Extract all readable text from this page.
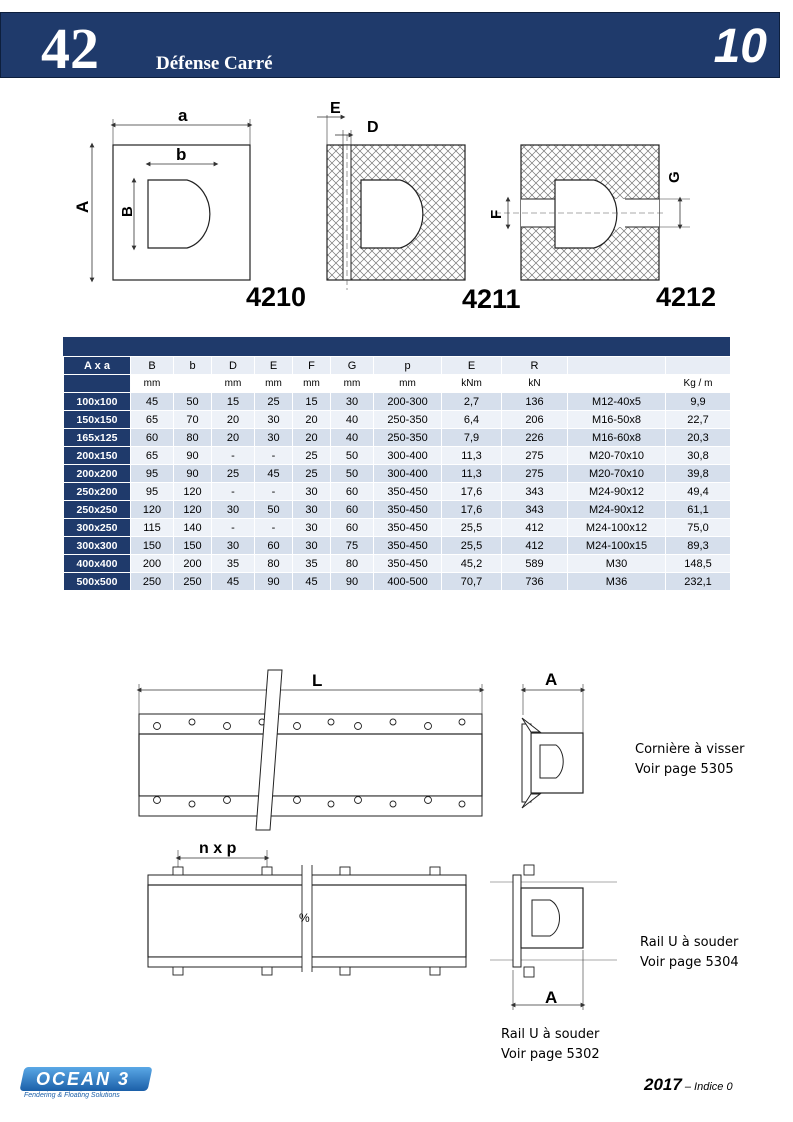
42	Défense Carré	10
a
b
A B
E
D
F
G
4210	4211	4212
A x a	B	b	D	E	F	G	p	E	R		
	mm		mm	mm	mm	mm	mm	kNm	kN		Kg / m
100x100	45	50	15	25	15	30	200-300	2,7	136	M12-40x5	9,9
150x150	65	70	20	30	20	40	250-350	6,4	206	M16-50x8	22,7
165x125	60	80	20	30	20	40	250-350	7,9	226	M16-60x8	20,3
200x150	65	90	-	-	25	50	300-400	11,3	275	M20-70x10	30,8
200x200	95	90	25	45	25	50	300-400	11,3	275	M20-70x10	39,8
250x200	95	120	-	-	30	60	350-450	17,6	343	M24-90x12	49,4
250x250	120	120	30	50	30	60	350-450	17,6	343	M24-90x12	61,1
300x250	115	140	-	-	30	60	350-450	25,5	412	M24-100x12	75,0
300x300	150	150	30	60	30	75	350-450	25,5	412	M24-100x15	89,3
400x400	200	200	35	80	35	80	350-450	45,2	589	M30	148,5
500x500	250	250	45	90	45	90	400-500	70,7	736	M36	232,1
L	A
n x p
%
A
Cornière à visser
Voir page 5305
Rail U à souder
Voir page 5304
Rail U à souder
Voir page 5302
OCEAN 3
Fendering & Floating Solutions
2017 – Indice 0
